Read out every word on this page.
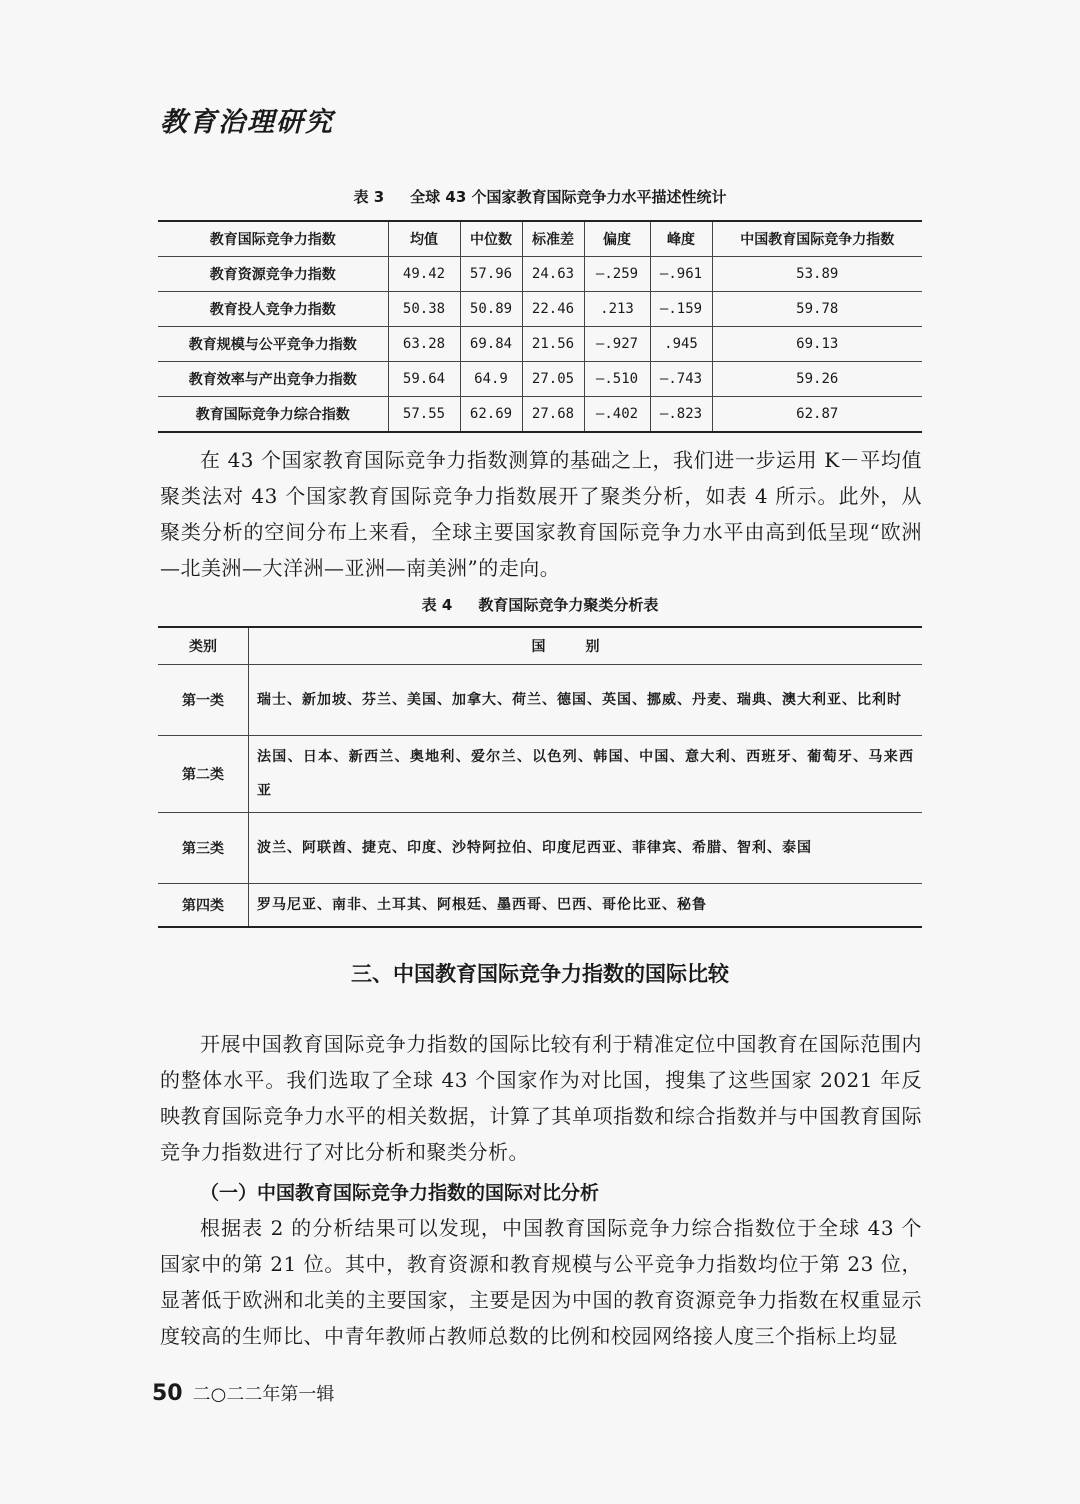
教育治理研究
表 3 全球 43 个国家教育国际竞争力水平描述性统计
教育国际竞争力指数	均值	中位数	标准差	偏度	峰度	中国教育国际竞争力指数
教育资源竞争力指数	49.42	57.96	24.63	—.259	—.961	53.89
教育投人竞争力指数	50.38	50.89	22.46	.213	—.159	59.78
教育规模与公平竞争力指数	63.28	69.84	21.56	—.927	.945	69.13
教育效率与产出竞争力指数	59.64	64.9	27.05	—.510	—.743	59.26
教育国际竞争力综合指数	57.55	62.69	27.68	—.402	—.823	62.87
在 43 个国家教育国际竞争力指数测算的基础之上，我们进一步运用 K－平均值聚类法对 43 个国家教育国际竞争力指数展开了聚类分析，如表 4 所示。此外，从聚类分析的空间分布上来看，全球主要国家教育国际竞争力水平由高到低呈现“欧洲—北美洲—大洋洲—亚洲—南美洲”的走向。
表 4 教育国际竞争力聚类分析表
类别	国别
第一类	瑞士、新加坡、芬兰、美国、加拿大、荷兰、德国、英国、挪威、丹麦、瑞典、澳大利亚、比利时
第二类	法国、日本、新西兰、奥地利、爱尔兰、以色列、韩国、中国、意大利、西班牙、葡萄牙、马来西亚
第三类	波兰、阿联酋、捷克、印度、沙特阿拉伯、印度尼西亚、菲律宾、希腊、智利、泰国
第四类	罗马尼亚、南非、土耳其、阿根廷、墨西哥、巴西、哥伦比亚、秘鲁
三、中国教育国际竞争力指数的国际比较
开展中国教育国际竞争力指数的国际比较有利于精准定位中国教育在国际范围内的整体水平。我们选取了全球 43 个国家作为对比国，搜集了这些国家 2021 年反映教育国际竞争力水平的相关数据，计算了其单项指数和综合指数并与中国教育国际竞争力指数进行了对比分析和聚类分析。
（一）中国教育国际竞争力指数的国际对比分析
根据表 2 的分析结果可以发现，中国教育国际竞争力综合指数位于全球 43 个国家中的第 21 位。其中，教育资源和教育规模与公平竞争力指数均位于第 23 位，显著低于欧洲和北美的主要国家，主要是因为中国的教育资源竞争力指数在权重显示度较高的生师比、中青年教师占教师总数的比例和校园网络接人度三个指标上均显
50 二○二二年第一辑
